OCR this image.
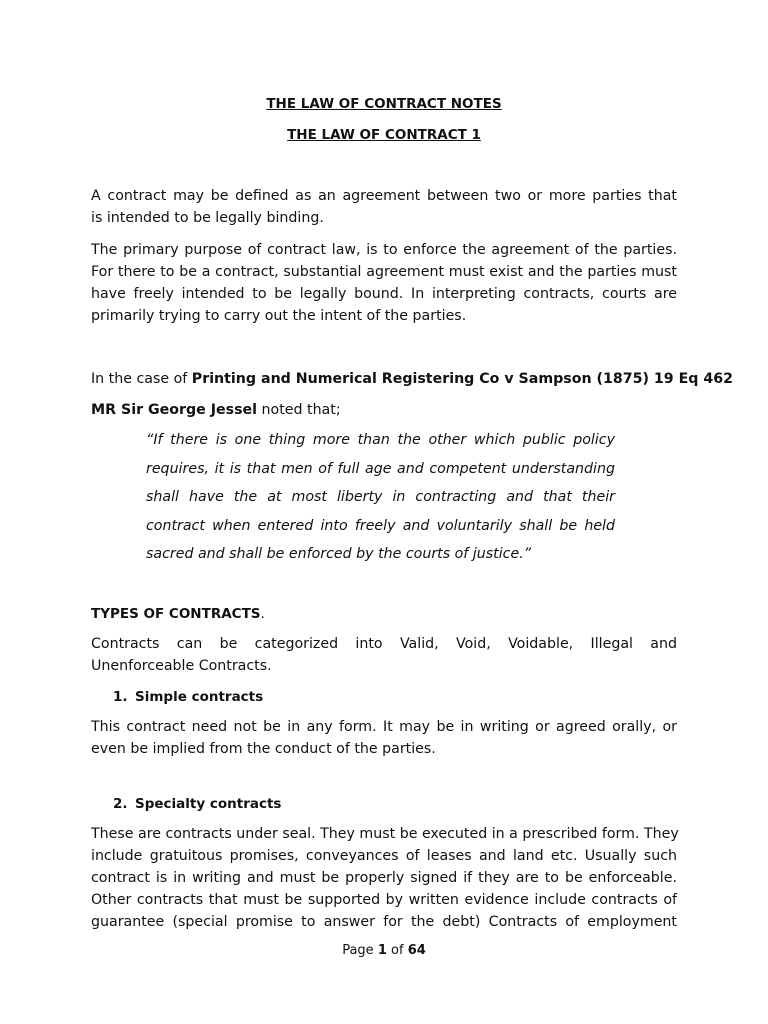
THE LAW OF CONTRACT NOTES
THE LAW OF CONTRACT 1

A contract may be defined as an agreement between two or more parties that
is intended to be legally binding.

The primary purpose of contract law, is to enforce the agreement of the parties.
For there to be a contract, substantial agreement must exist and the parties must
have freely intended to be legally bound. In interpreting contracts, courts are
primarily trying to carry out the intent of the parties.

In the case of Printing and Numerical Registering Co v Sampson (1875) 19 Eq 462
MR Sir George Jessel noted that;

“If there is one thing more than the other which public policy
requires, it is that men of full age and competent understanding
shall have the at most liberty in contracting and that their
contract when entered into freely and voluntarily shall be held
sacred and shall be enforced by the courts of justice.”

TYPES OF CONTRACTS.

Contracts can be categorized into Valid, Void, Voidable, Illegal and
Unenforceable Contracts.

1. Simple contracts

This contract need not be in any form. It may be in writing or agreed orally, or
even be implied from the conduct of the parties.

2. Specialty contracts

These are contracts under seal. They must be executed in a prescribed form. They
include gratuitous promises, conveyances of leases and land etc. Usually such
contract is in writing and must be properly signed if they are to be enforceable.
Other contracts that must be supported by written evidence include contracts of
guarantee (special promise to answer for the debt) Contracts of employment

Page 1 of 64
